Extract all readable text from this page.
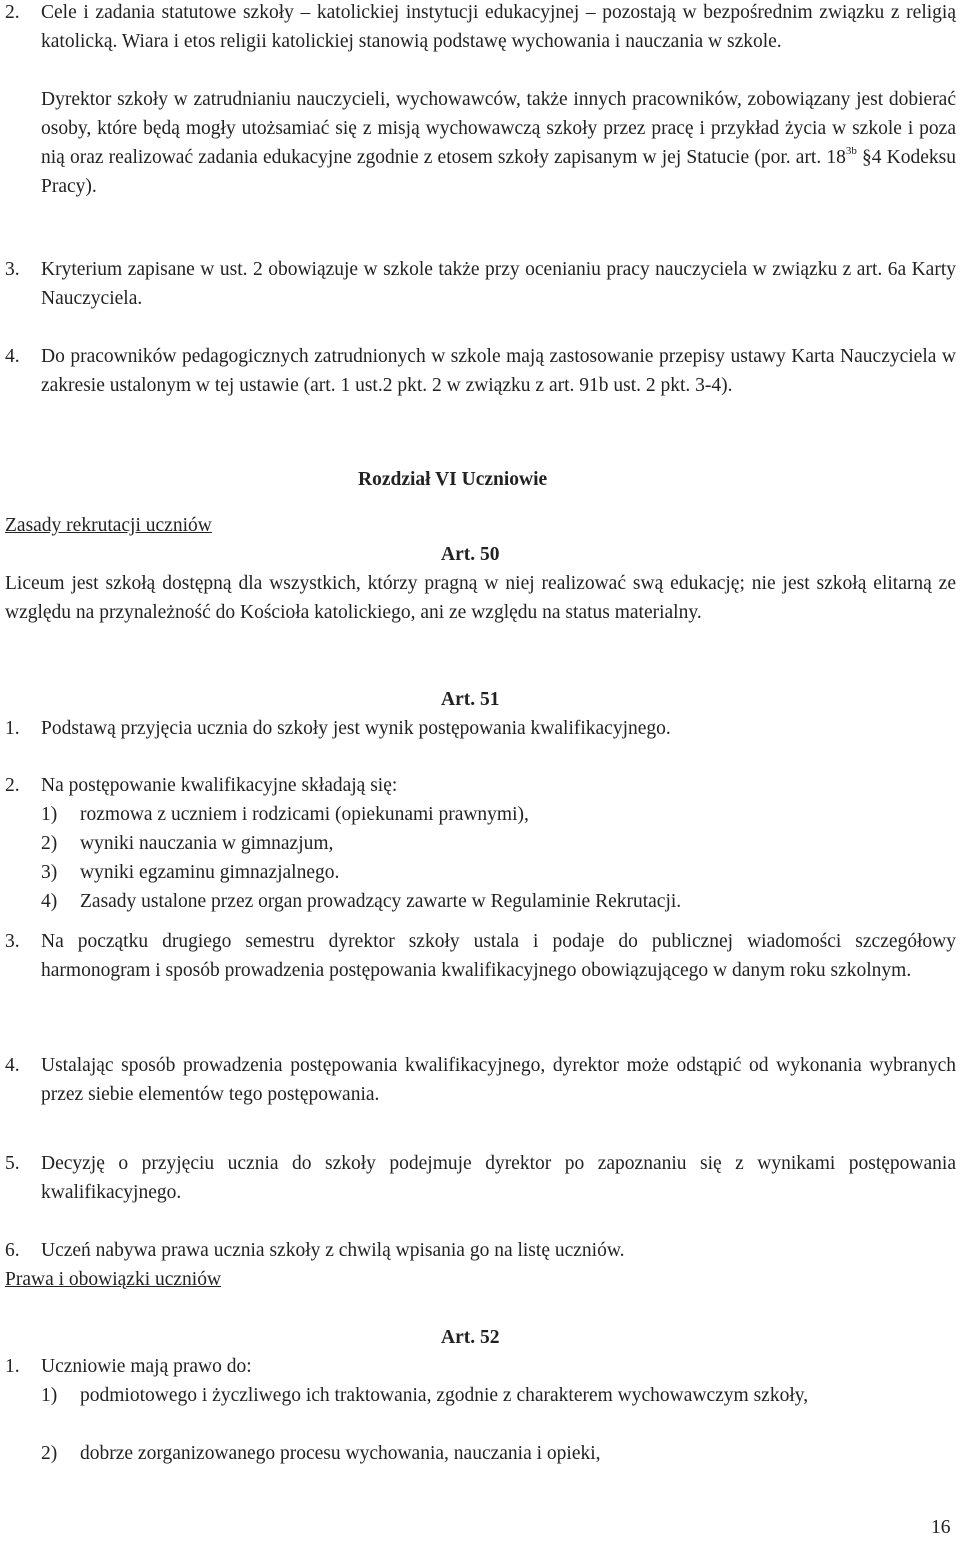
2.	Cele i zadania statutowe szkoły – katolickiej instytucji edukacyjnej – pozostają w bezpośrednim związku z religią katolicką. Wiara i etos religii katolickiej stanowią podstawę wychowania i nauczania w szkole.
Dyrektor szkoły w zatrudnianiu nauczycieli, wychowawców, także innych pracowników, zobowiązany jest dobierać osoby, które będą mogły utożsamiać się z misją wychowawczą szkoły przez pracę i przykład życia w szkole i poza nią oraz realizować zadania edukacyjne zgodnie z etosem szkoły zapisanym w jej Statucie (por. art. $18^{3b}$ §4 Kodeksu Pracy).
3.	Kryterium zapisane w ust. 2 obowiązuje w szkole także przy ocenianiu pracy nauczyciela w związku z art. 6a Karty Nauczyciela.
4.	Do pracowników pedagogicznych zatrudnionych w szkole mają zastosowanie przepisy ustawy Karta Nauczyciela w zakresie ustalonym w tej ustawie (art. 1 ust.2 pkt. 2 w związku z art. 91b ust. 2 pkt. 3-4).
Rozdział VI Uczniowie
Zasady rekrutacji uczniów
Art. 50
Liceum jest szkołą dostępną dla wszystkich, którzy pragną w niej realizować swą edukację; nie jest szkołą elitarną ze względu na przynależność do Kościoła katolickiego, ani ze względu na status materialny.
Art. 51
1.	Podstawą przyjęcia ucznia do szkoły jest wynik postępowania kwalifikacyjnego.
2.	Na postępowanie kwalifikacyjne składają się:
1)	rozmowa z uczniem i rodzicami (opiekunami prawnymi),
2)	wyniki nauczania w gimnazjum,
3)	wyniki egzaminu gimnazjalnego.
4)	Zasady ustalone przez organ prowadzący zawarte w Regulaminie Rekrutacji.
3.	Na początku drugiego semestru dyrektor szkoły ustala i podaje do publicznej wiadomości szczegółowy harmonogram i sposób prowadzenia postępowania kwalifikacyjnego obowiązującego w danym roku szkolnym.
4.	Ustalając sposób prowadzenia postępowania kwalifikacyjnego, dyrektor może odstąpić od wykonania wybranych przez siebie elementów tego postępowania.
5.	Decyzję o przyjęciu ucznia do szkoły podejmuje dyrektor po zapoznaniu się z wynikami postępowania kwalifikacyjnego.
6.	Uczeń nabywa prawa ucznia szkoły z chwilą wpisania go na listę uczniów.
Prawa i obowiązki uczniów
Art. 52
1.	Uczniowie mają prawo do:
1)	podmiotowego i życzliwego ich traktowania, zgodnie z charakterem wychowawczym szkoły,
2)	dobrze zorganizowanego procesu wychowania, nauczania i opieki,
16
